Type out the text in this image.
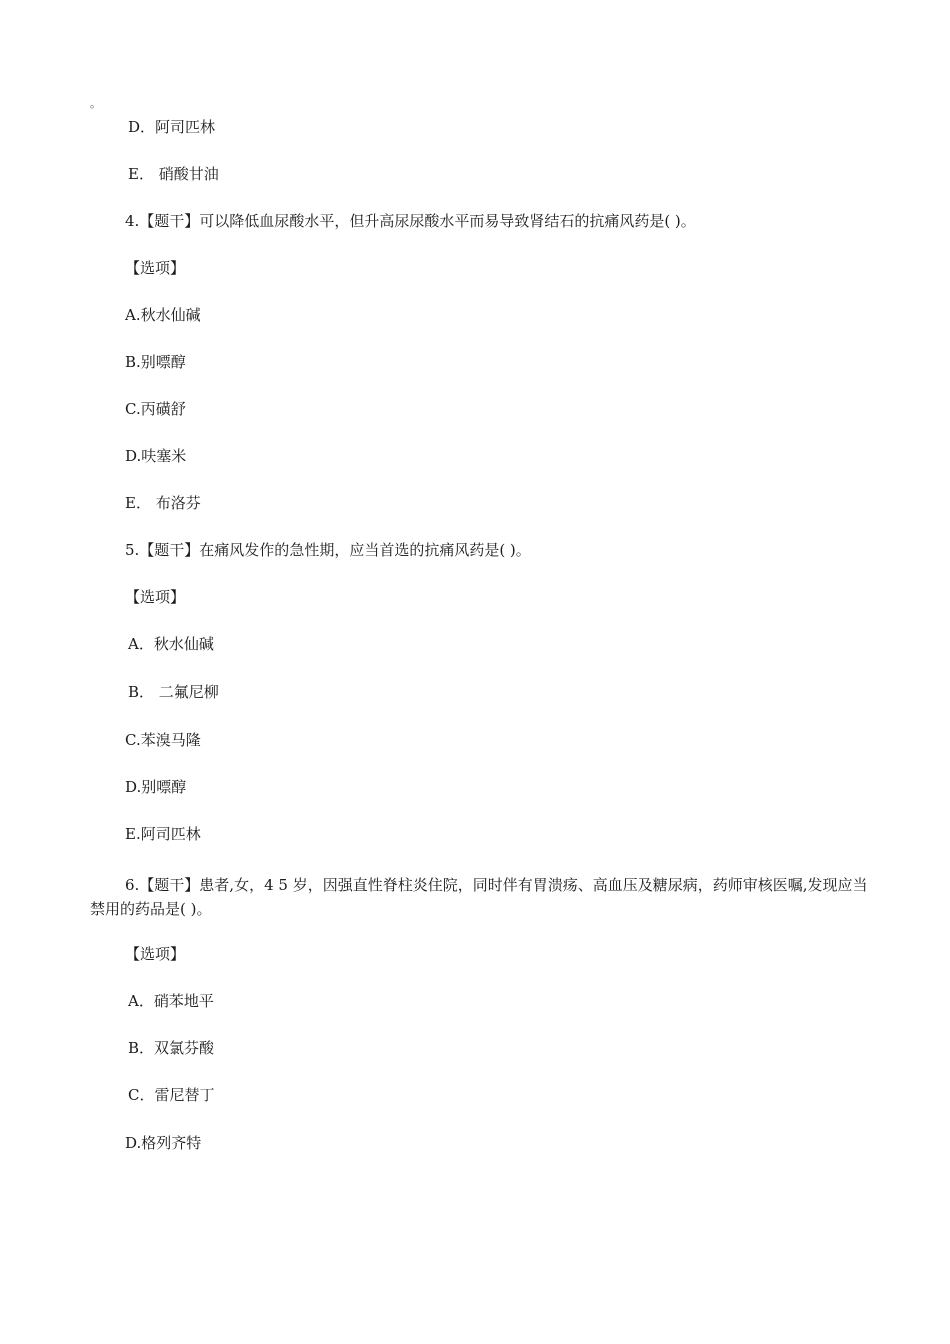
。
D．阿司匹林
E． 硝酸甘油
4.【题干】可以降低血尿酸水平，但升高尿尿酸水平而易导致肾结石的抗痛风药是( )。
【选项】
A.秋水仙碱
B.别嘌醇
C.丙磺舒
D.呋塞米
E． 布洛芬
5.【题干】在痛风发作的急性期，应当首选的抗痛风药是( )。
【选项】
A．秋水仙碱
B． 二氟尼柳
C.苯溴马隆
D.别嘌醇
E.阿司匹林
6.【题干】患者,女，4 5 岁，因强直性脊柱炎住院，同时伴有胃溃疡、高血压及糖尿病，药师审核医嘱,发现应当禁用的药品是( )。
【选项】
A．硝苯地平
B．双氯芬酸
C．雷尼替丁
D.格列齐特
